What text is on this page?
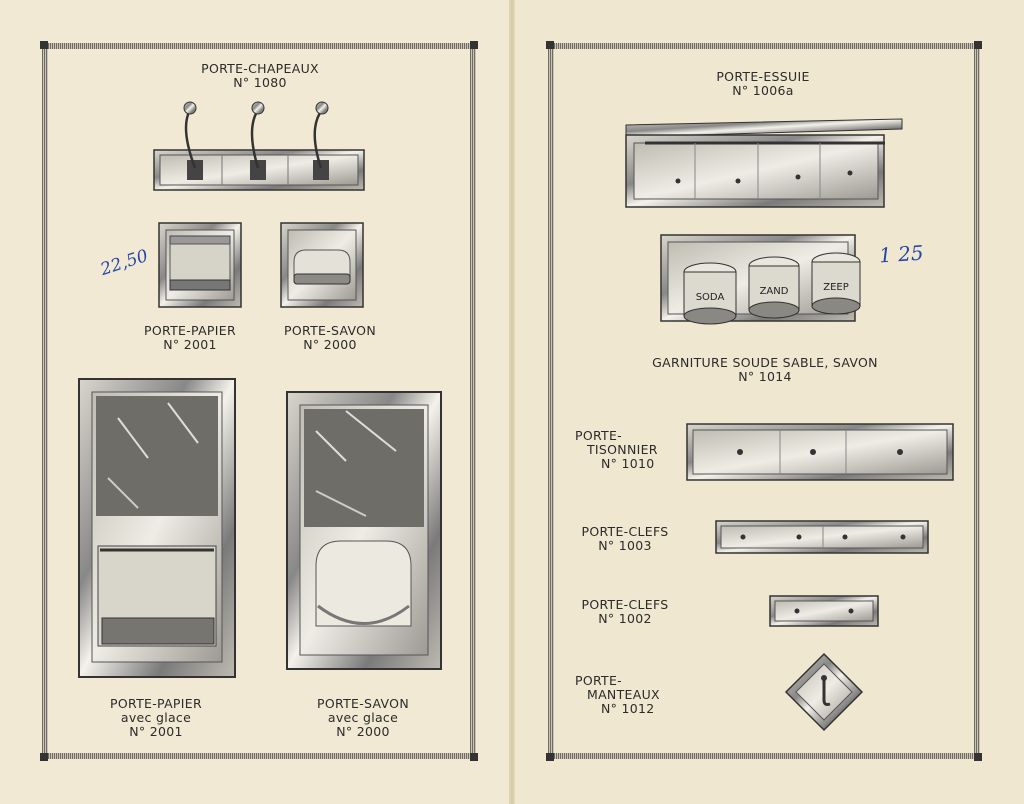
PORTE-CHAPEAUX
N° 1080
22,50
PORTE-PAPIER
N° 2001
PORTE-SAVON
N° 2000
PORTE-PAPIER
avec glace
N° 2001
PORTE-SAVON
avec glace
N° 2000
PORTE-ESSUIE
N° 1006a
SODA
ZAND	ZEEP
1 25
GARNITURE SOUDE SABLE, SAVON
N° 1014
PORTE-
TISONNIER
N° 1010
PORTE-CLEFS
N° 1003
PORTE-CLEFS
N° 1002
PORTE-
MANTEAUX
N° 1012
